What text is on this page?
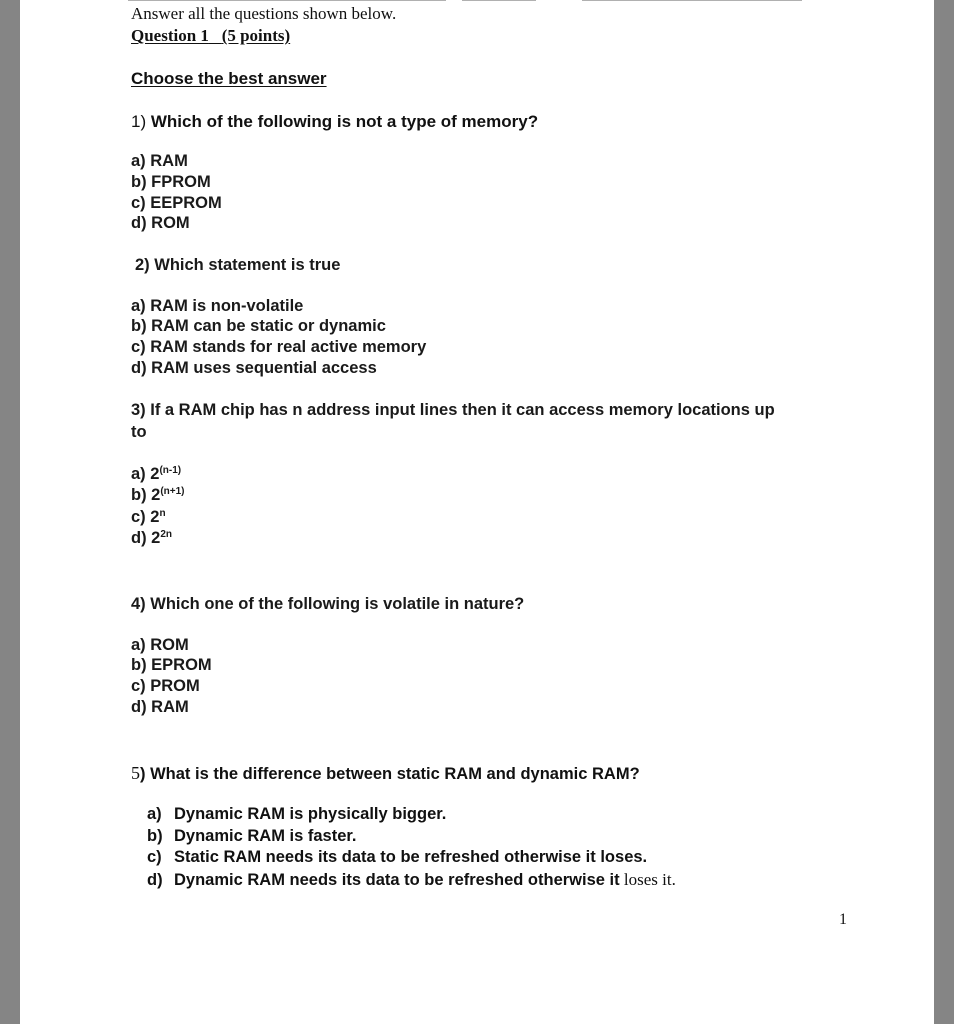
Answer all the questions shown below.
Question 1 (5 points)
Choose the best answer
1) Which of the following is not a type of memory?
a) RAM
b) FPROM
c) EEPROM
d) ROM
2) Which statement is true
a) RAM is non-volatile
b) RAM can be static or dynamic
c) RAM stands for real active memory
d) RAM uses sequential access
3) If a RAM chip has n address input lines then it can access memory locations up
to
a) 2$^{(n-1)}$
b) $2^{(n+1)}$
c) 2$^n$
d) $2^{2n}$
4) Which one of the following is volatile in nature?
a) ROM
b) EPROM
c) PROM
d) RAM
5) What is the difference between static RAM and dynamic RAM?
a) Dynamic RAM is physically bigger.
b) Dynamic RAM is faster.
c) Static RAM needs its data to be refreshed otherwise it loses.
d) Dynamic RAM needs its data to be refreshed otherwise it loses it.
1
